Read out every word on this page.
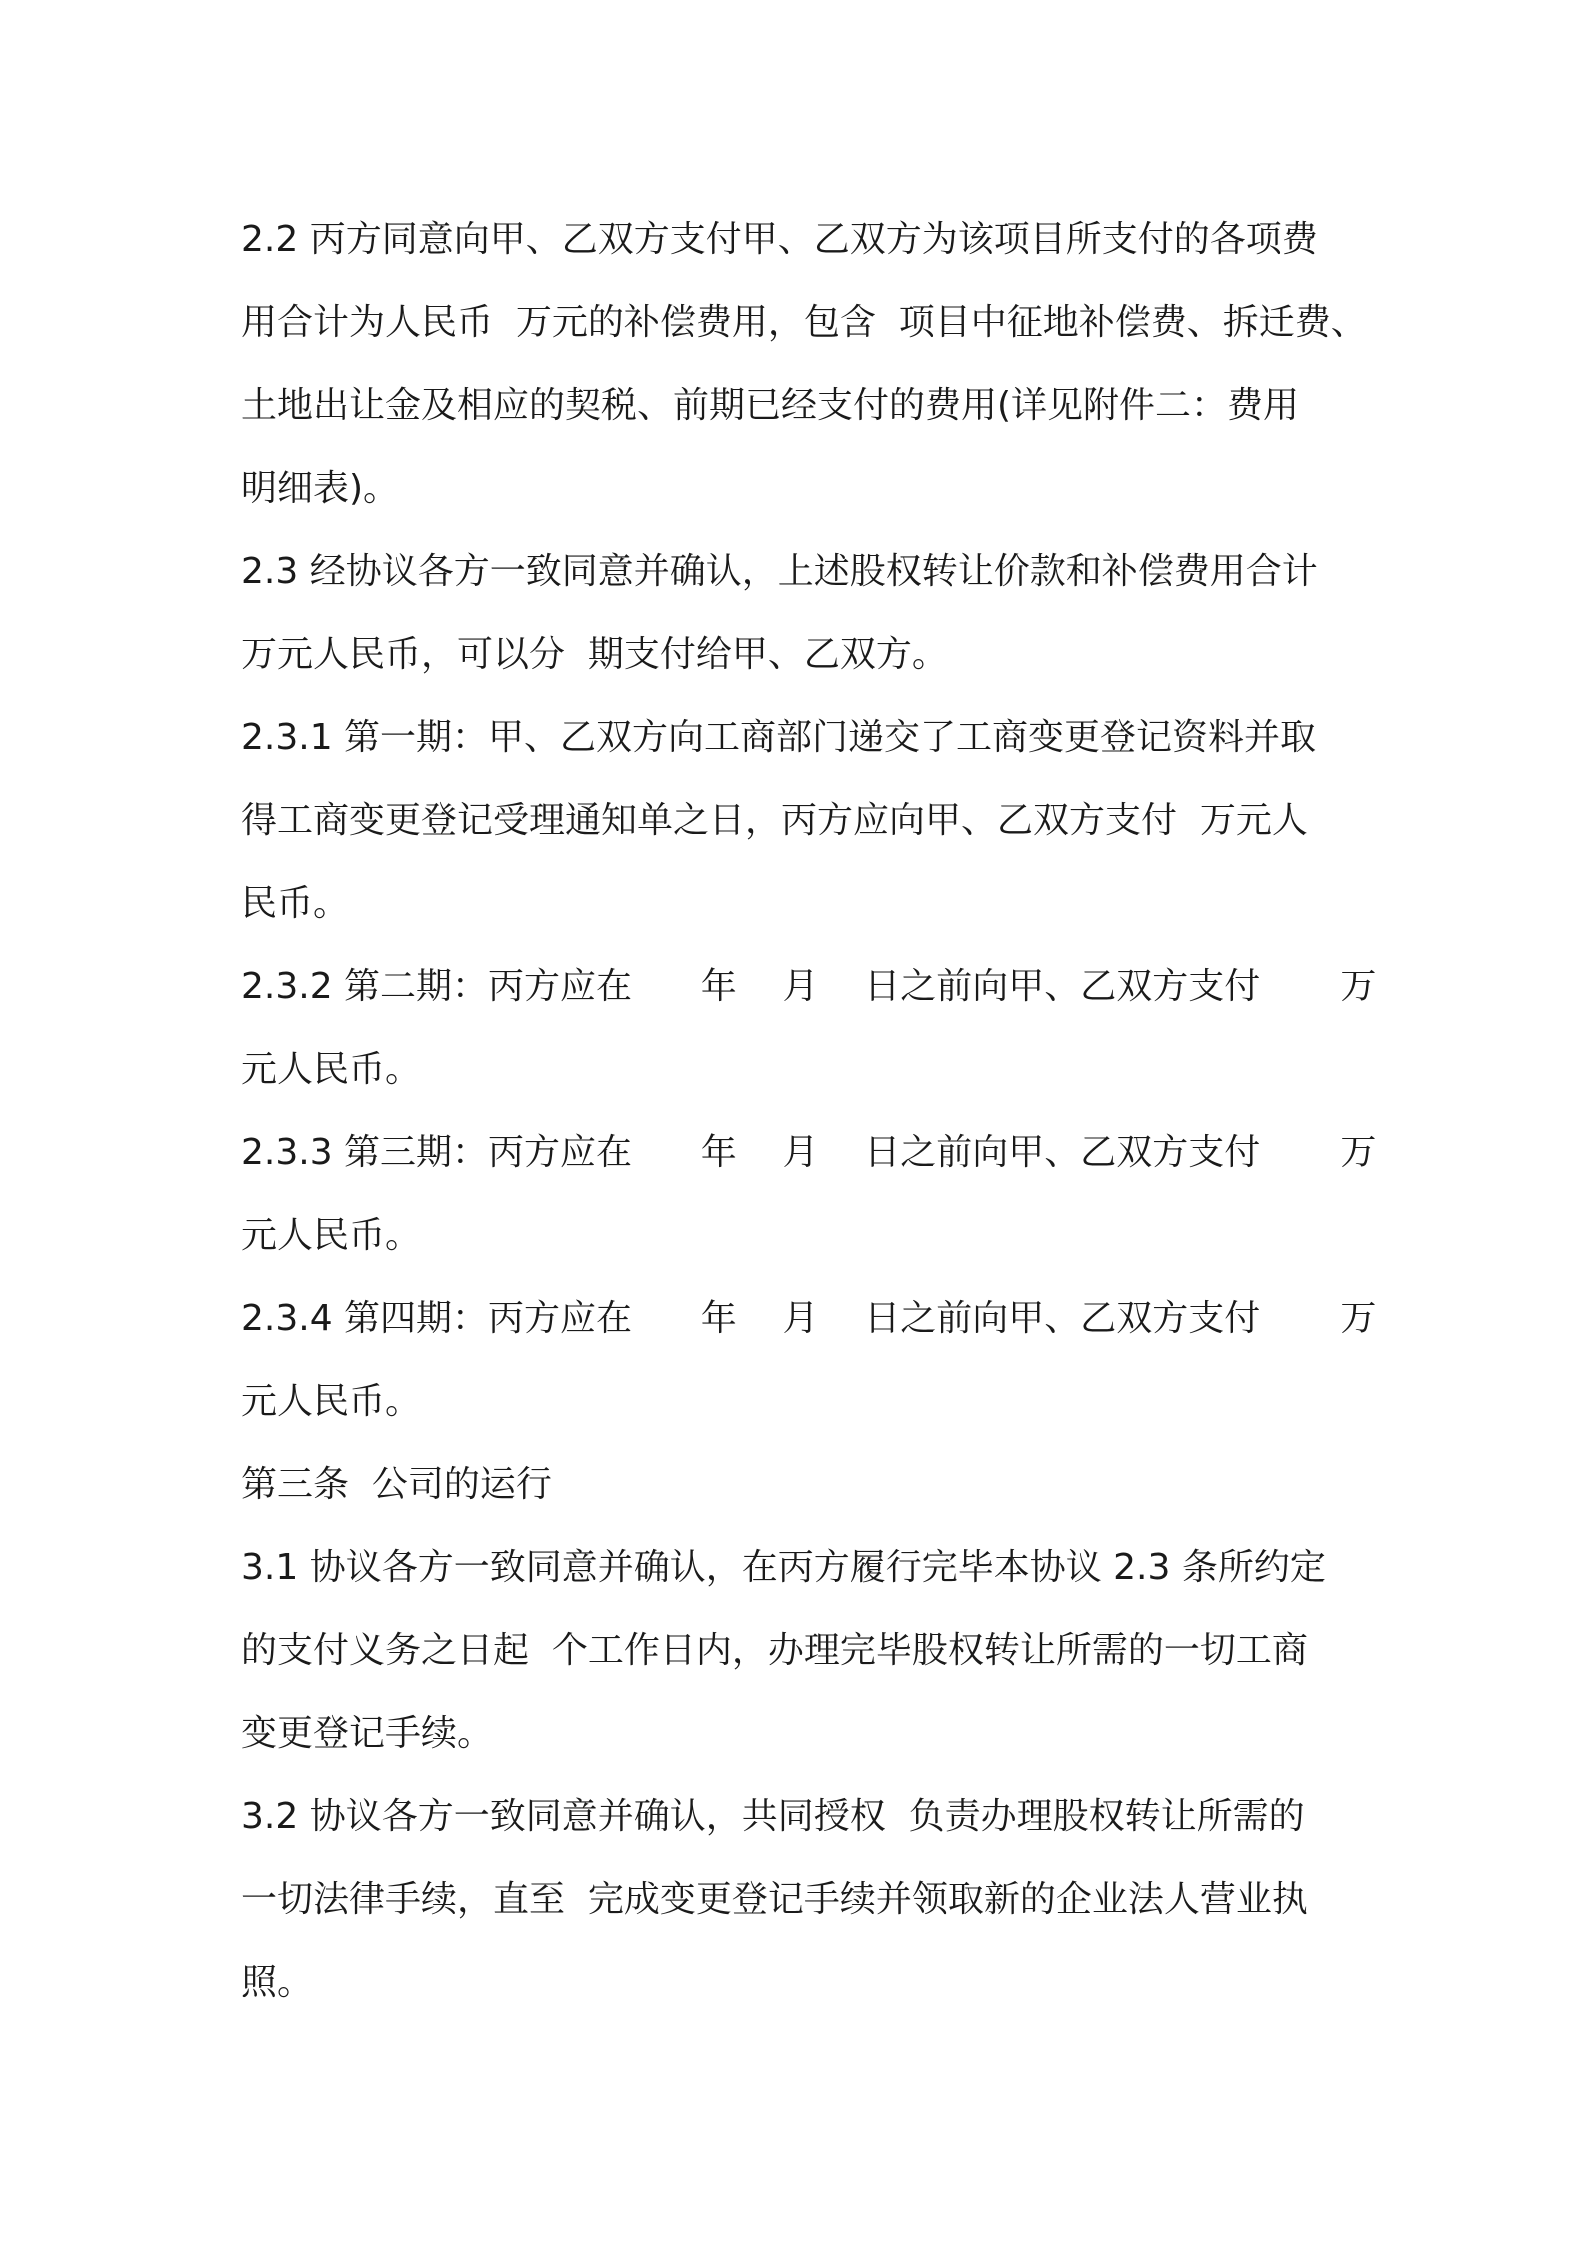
2.2 丙方同意向甲、乙双方支付甲、乙双方为该项目所支付的各项费
用合计为人民币  万元的补偿费用，包含  项目中征地补偿费、拆迁费、
土地出让金及相应的契税、前期已经支付的费用(详见附件二：费用
明细表)。
2.3 经协议各方一致同意并确认，上述股权转让价款和补偿费用合计
万元人民币，可以分  期支付给甲、乙双方。
2.3.1 第一期：甲、乙双方向工商部门递交了工商变更登记资料并取
得工商变更登记受理通知单之日，丙方应向甲、乙双方支付  万元人
民币。
2.3.2 第二期：丙方应在      年    月    日之前向甲、乙双方支付       万
元人民币。
2.3.3 第三期：丙方应在      年    月    日之前向甲、乙双方支付       万
元人民币。
2.3.4 第四期：丙方应在      年    月    日之前向甲、乙双方支付       万
元人民币。
第三条  公司的运行
3.1 协议各方一致同意并确认，在丙方履行完毕本协议 2.3 条所约定
的支付义务之日起  个工作日内，办理完毕股权转让所需的一切工商
变更登记手续。
3.2 协议各方一致同意并确认，共同授权  负责办理股权转让所需的
一切法律手续，直至  完成变更登记手续并领取新的企业法人营业执
照。
